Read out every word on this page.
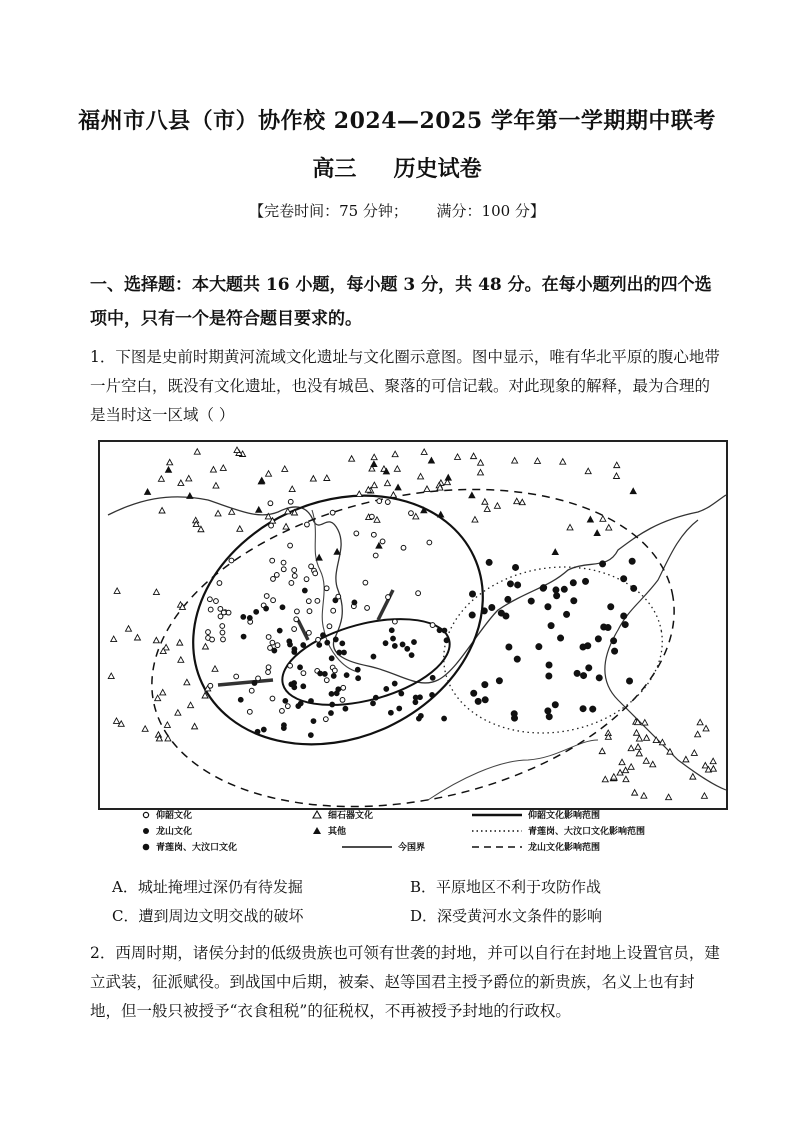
福州市八县（市）协作校 2024—2025 学年第一学期期中联考
高三 历史试卷
【完卷时间：75 分钟；      满分：100 分】
一、选择题：本大题共 16 小题，每小题 3 分，共 48 分。在每小题列出的四个选项中，只有一个是符合题目要求的。
1．下图是史前时期黄河流域文化遗址与文化圈示意图。图中显示，唯有华北平原的腹心地带一片空白，既没有文化遗址，也没有城邑、聚落的可信记载。对此现象的解释，最为合理的是当时这一区域（ ）
仰韶文化
龙山文化
青莲岗、大汶口文化
细石器文化
其他
今国界
仰韶文化影响范围
青莲岗、大汶口文化影响范围
龙山文化影响范围
A．城址掩埋过深仍有待发掘	B．平原地区不利于攻防作战
C．遭到周边文明交战的破坏	D．深受黄河水文条件的影响
2．西周时期，诸侯分封的低级贵族也可领有世袭的封地，并可以自行在封地上设置官员，建立武装，征派赋役。到战国中后期，被秦、赵等国君主授予爵位的新贵族，名义上也有封地，但一般只被授予“衣食租税”的征税权，不再被授予封地的行政权。
